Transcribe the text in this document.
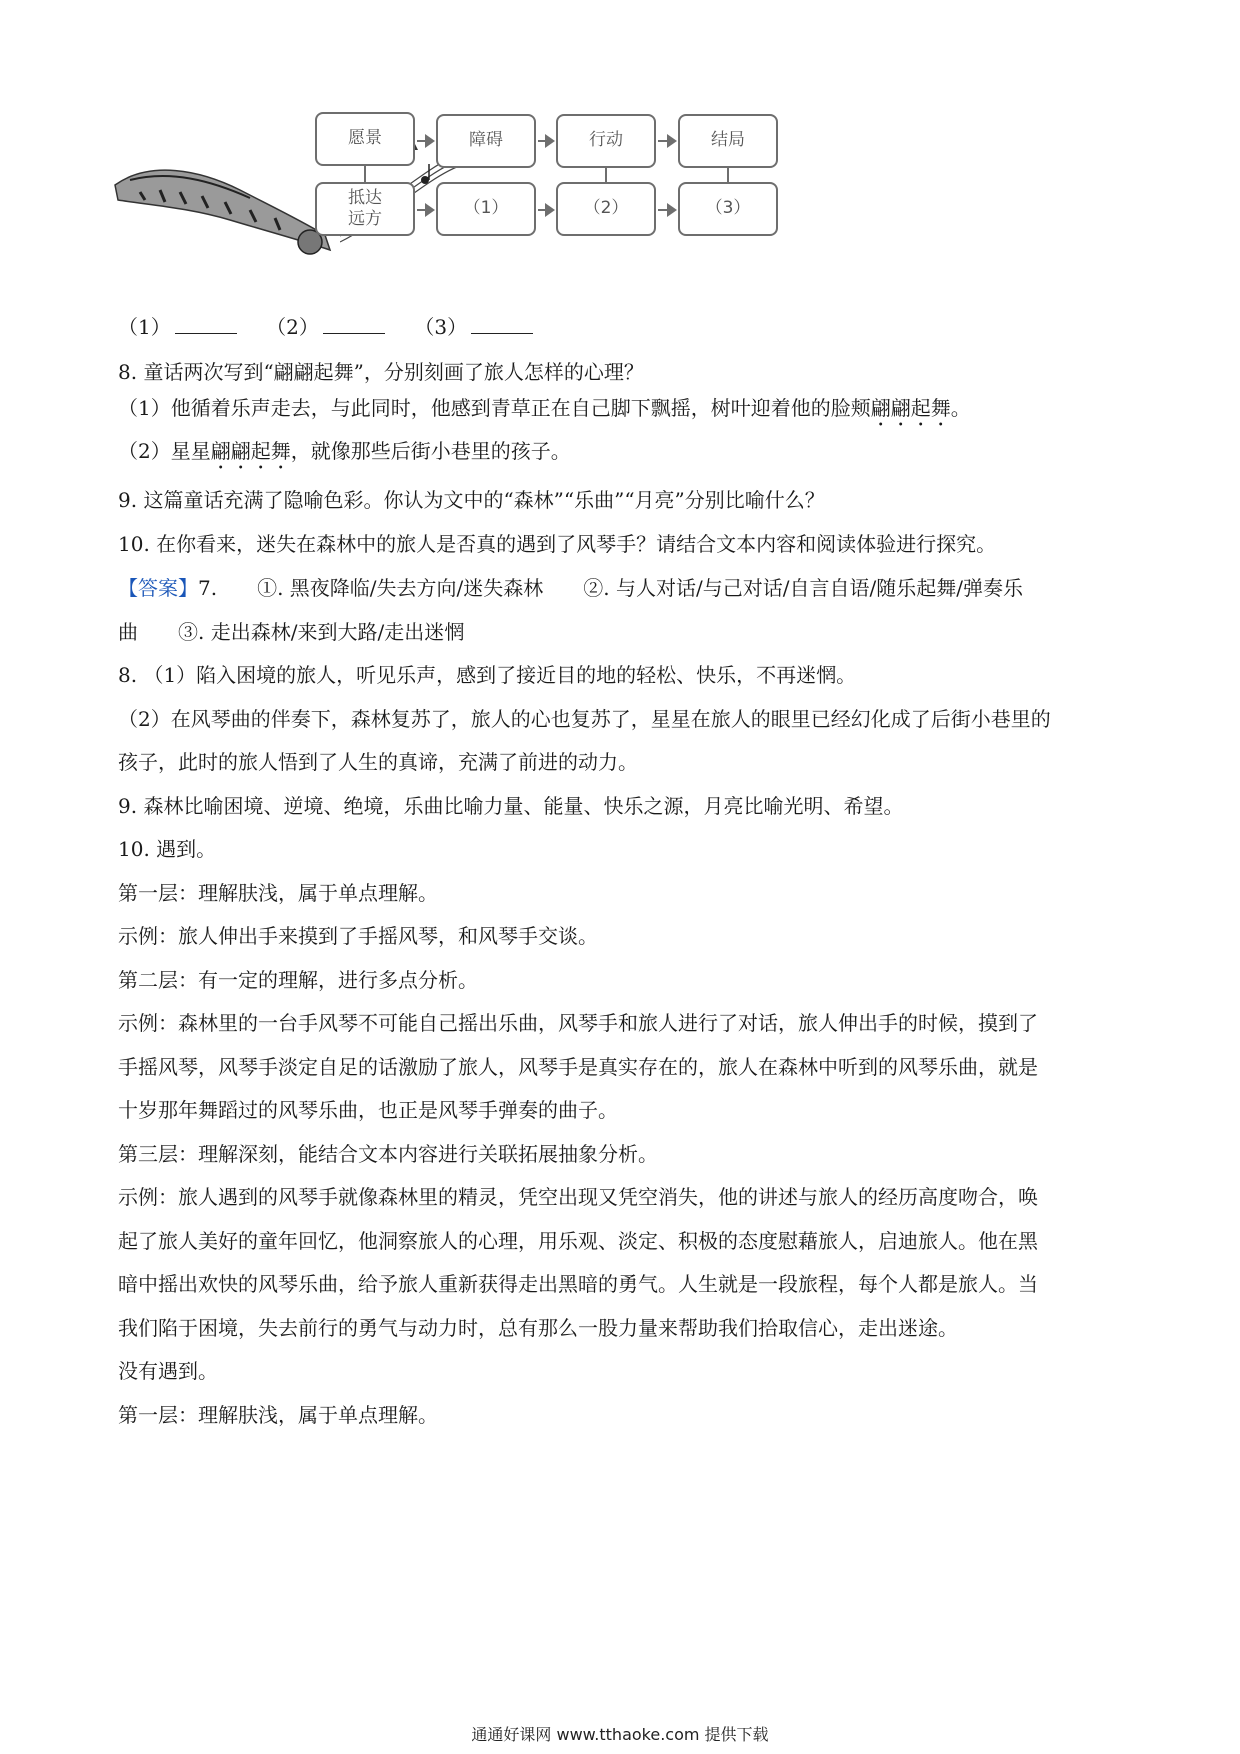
愿景	障碍	行动	结局
抵达
远方
（1）	（2）	（3）
（1）	（2）	（3）
8. 童话两次写到“翩翩起舞”，分别刻画了旅人怎样的心理？
（1）他循着乐声走去，与此同时，他感到青草正在自己脚下飘摇，树叶迎着他的脸颊翩翩起舞。
（2）星星翩翩起舞，就像那些后街小巷里的孩子。
9. 这篇童话充满了隐喻色彩。你认为文中的“森林”“乐曲”“月亮”分别比喻什么？
10. 在你看来，迷失在森林中的旅人是否真的遇到了风琴手？请结合文本内容和阅读体验进行探究。
【答案】7.　　①. 黑夜降临/失去方向/迷失森林　　②. 与人对话/与己对话/自言自语/随乐起舞/弹奏乐
曲　　③. 走出森林/来到大路/走出迷惘
8. （1）陷入困境的旅人，听见乐声，感到了接近目的地的轻松、快乐，不再迷惘。
（2）在风琴曲的伴奏下，森林复苏了，旅人的心也复苏了，星星在旅人的眼里已经幻化成了后街小巷里的
孩子，此时的旅人悟到了人生的真谛，充满了前进的动力。
9. 森林比喻困境、逆境、绝境，乐曲比喻力量、能量、快乐之源，月亮比喻光明、希望。
10. 遇到。
第一层：理解肤浅，属于单点理解。
示例：旅人伸出手来摸到了手摇风琴，和风琴手交谈。
第二层：有一定的理解，进行多点分析。
示例：森林里的一台手风琴不可能自己摇出乐曲，风琴手和旅人进行了对话，旅人伸出手的时候，摸到了
手摇风琴，风琴手淡定自足的话激励了旅人，风琴手是真实存在的，旅人在森林中听到的风琴乐曲，就是
十岁那年舞蹈过的风琴乐曲，也正是风琴手弹奏的曲子。
第三层：理解深刻，能结合文本内容进行关联拓展抽象分析。
示例：旅人遇到的风琴手就像森林里的精灵，凭空出现又凭空消失，他的讲述与旅人的经历高度吻合，唤
起了旅人美好的童年回忆，他洞察旅人的心理，用乐观、淡定、积极的态度慰藉旅人，启迪旅人。他在黑
暗中摇出欢快的风琴乐曲，给予旅人重新获得走出黑暗的勇气。人生就是一段旅程，每个人都是旅人。当
我们陷于困境，失去前行的勇气与动力时，总有那么一股力量来帮助我们拾取信心，走出迷途。
没有遇到。
第一层：理解肤浅，属于单点理解。
通通好课网 www.tthaoke.com 提供下载
